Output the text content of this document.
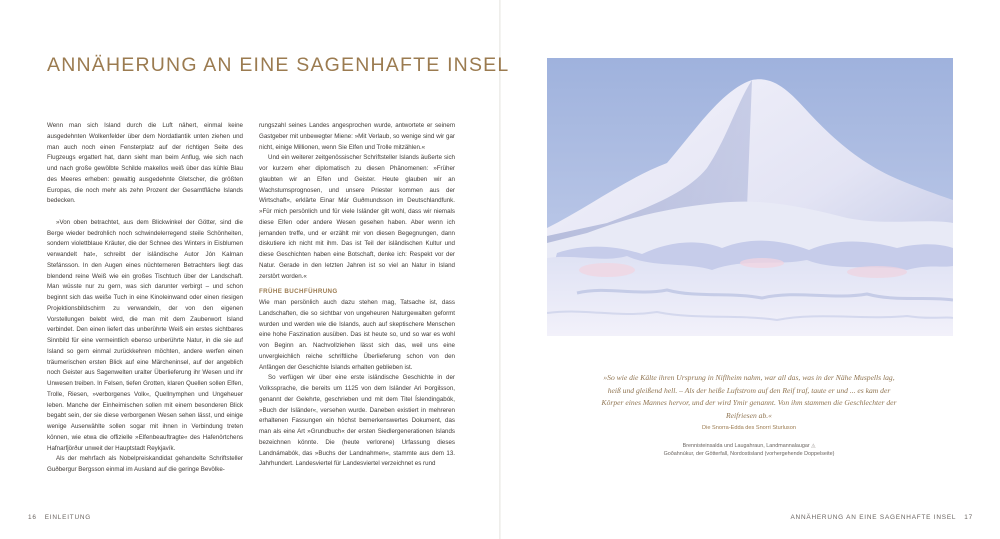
ANNÄHERUNG AN EINE SAGENHAFTE INSEL

Wenn man sich Island durch die Luft nähert, einmal keine ausgedehnten Wolkenfelder über dem Nordatlantik unten ziehen und man auch noch einen Fensterplatz auf der richtigen Seite des Flugzeugs ergattert hat, dann sieht man beim Anflug, wie sich nach und nach große gewölbte Schilde makellos weiß über das kühle Blau des Meeres erheben: gewaltig ausgedehnte Gletscher, die größten Europas, die noch mehr als zehn Prozent der Gesamtfläche Islands bedecken.

»Von oben betrachtet, aus dem Blickwinkel der Götter, sind die Berge wieder bedrohlich noch schwindelerregend steile Schönheiten, sondern violettblaue Kräuter, die der Schnee des Winters in Eisblumen verwandelt hat«, schreibt der isländische Autor Jón Kalman Stefánsson. In den Augen eines nüchterneren Betrachters liegt das blendend reine Weiß wie ein großes Tischtuch über der Landschaft. Man wüsste nur zu gern, was sich darunter verbirgt – und schon beginnt sich das weiße Tuch in eine Kinoleinwand oder einen riesigen Projektionsbildschirm zu verwandeln, der von den eigenen Vorstellungen belebt wird, die man mit dem Zauberwort Island verbindet. Den einen liefert das unberührte Weiß ein erstes sichtbares Sinnbild für eine vermeintlich ebenso unberührte Natur, in die sie auf Island so gern einmal zurückkehren möchten, andere werfen einen träumerischen ersten Blick auf eine Märcheninsel, auf der angeblich noch Geister aus Sagenwelten uralter Überlieferung ihr Wesen und ihr Unwesen treiben. In Felsen, tiefen Grotten, klaren Quellen sollen Elfen, Trolle, Riesen, »verborgenes Volk«, Quellnymphen und Ungeheuer leben. Manche der Einheimischen sollen mit einem besonderen Blick begabt sein, der sie diese verborgenen Wesen sehen lässt, und einige wenige Auserwählte sollen sogar mit ihnen in Verbindung treten können, wie etwa die offizielle »Elfenbeauftragte« des Hafenörtchens Hafnarfjörður unweit der Hauptstadt Reykjavík.

Als der mehrfach als Nobelpreiskandidat gehandelte Schriftsteller Guðbergur Bergsson einmal im Ausland auf die geringe Bevölke-

rungszahl seines Landes angesprochen wurde, antwortete er seinem Gastgeber mit unbewegter Miene: »Mit Verlaub, so wenige sind wir gar nicht, einige Millionen, wenn Sie Elfen und Trolle mitzählen.«

Und ein weiterer zeitgenössischer Schriftsteller Islands äußerte sich vor kurzem eher diplomatisch zu diesen Phänomenen: »Früher glaubten wir an Elfen und Geister. Heute glauben wir an Wachstumsprognosen, und unsere Priester kommen aus der Wirtschaft«, erklärte Einar Már Guðmundsson im Deutschlandfunk. »Für mich persönlich und für viele Isländer gilt wohl, dass wir niemals diese Elfen oder andere Wesen gesehen haben. Aber wenn ich jemanden treffe, und er erzählt mir von diesen Begegnungen, dann diskutiere ich nicht mit ihm. Das ist Teil der isländischen Kultur und diese Geschichten haben eine Botschaft, denke ich: Respekt vor der Natur. Gerade in den letzten Jahren ist so viel an Natur in Island zerstört worden.«

FRÜHE BUCHFÜHRUNG

Wie man persönlich auch dazu stehen mag, Tatsache ist, dass Landschaften, die so sichtbar von ungeheuren Naturgewalten geformt wurden und werden wie die Islands, auch auf skeptischere Menschen eine hohe Faszination ausüben. Das ist heute so, und so war es wohl von Beginn an. Nachvollziehen lässt sich das, weil uns eine unvergleichlich reiche schriftliche Überlieferung schon von den Anfängen der Geschichte Islands erhalten geblieben ist.

So verfügen wir über eine erste isländische Geschichte in der Volkssprache, die bereits um 1125 von dem Isländer Ari Þorgilsson, genannt der Gelehrte, geschrieben und mit dem Titel Íslendingabók, »Buch der Isländer«, versehen wurde. Daneben existiert in mehreren erhaltenen Fassungen ein höchst bemerkenswertes Dokument, das man als eine Art »Grundbuch« der ersten Siedlergenerationen Islands bezeichnen könnte. Die (heute verlorene) Urfassung dieses Landnámabók, das »Buchs der Landnahmen«, stammte aus dem 13. Jahrhundert. Landesviertel für Landesviertel verzeichnet es rund

»So wie die Kälte ihren Ursprung in Niflheim nahm, war all das, was in der Nähe Muspells lag, heiß und gleißend hell. – Als der heiße Luftstrom auf den Reif traf, taute er und ... es kam der Körper eines Mannes hervor, und der wird Ymir genannt. Von ihm stammen die Geschlechter der Reifriesen ab.«

Die Snorra-Edda des Snorri Sturluson

Brennisteinsalda und Laugahraun, Landmannalaugar ◬
Goðahnúkur, der Götterfall, Nordostisland (vorhergehende Doppelseite)

16 EINLEITUNG	ANNÄHERUNG AN EINE SAGENHAFTE INSEL 17
